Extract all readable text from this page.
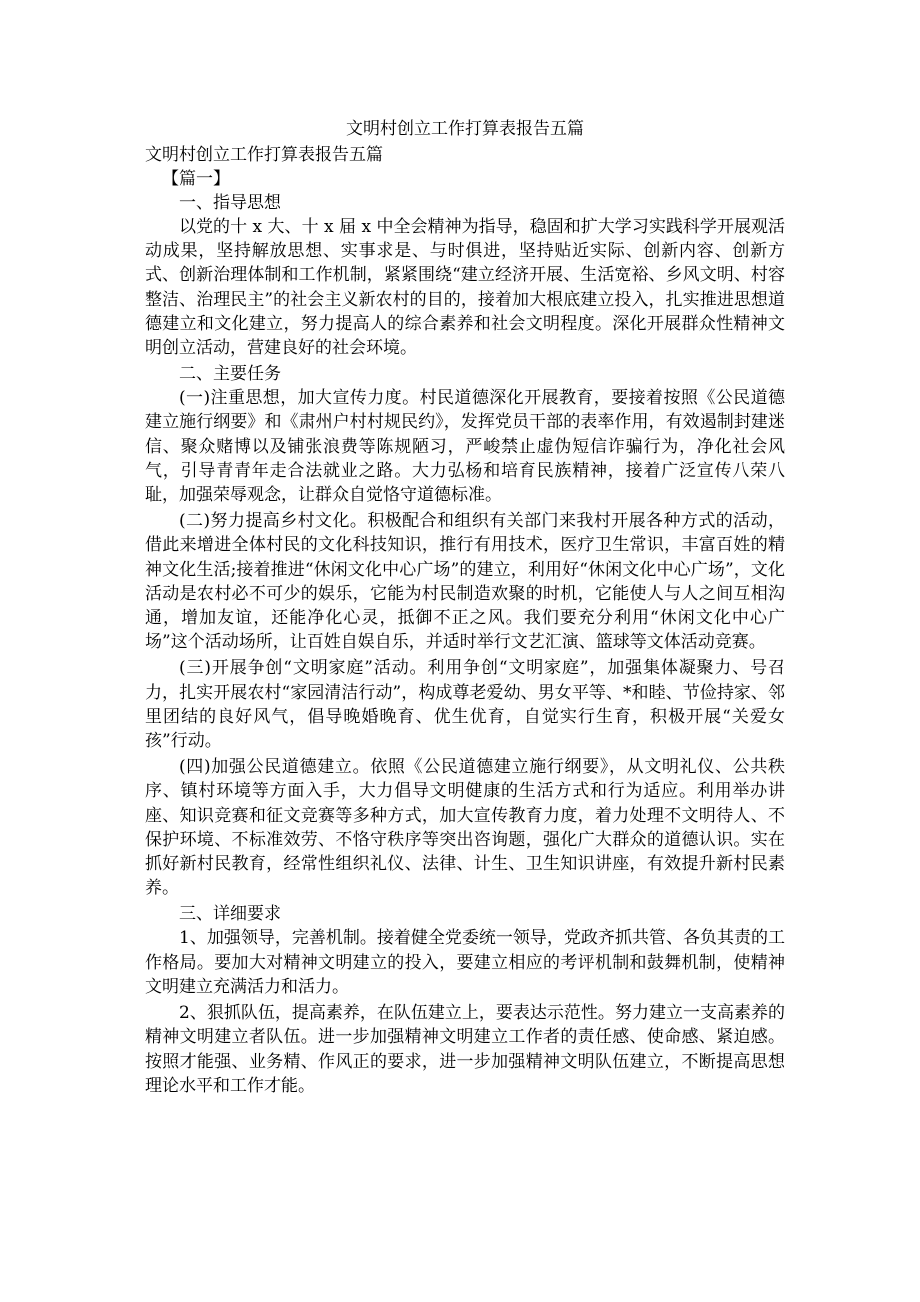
文明村创立工作打算表报告五篇

文明村创立工作打算表报告五篇

【篇一】

一、指导思想

以党的十 x 大、十 x 届 x 中全会精神为指导，稳固和扩大学习实践科学开展观活动成果，坚持解放思想、实事求是、与时俱进，坚持贴近实际、创新内容、创新方式、创新治理体制和工作机制，紧紧围绕“建立经济开展、生活宽裕、乡风文明、村容整洁、治理民主”的社会主义新农村的目的，接着加大根底建立投入，扎实推进思想道德建立和文化建立，努力提高人的综合素养和社会文明程度。深化开展群众性精神文明创立活动，营建良好的社会环境。

二、主要任务

(一)注重思想，加大宣传力度。村民道德深化开展教育，要接着按照《公民道德建立施行纲要》和《肃州户村村规民约》，发挥党员干部的表率作用，有效遏制封建迷信、聚众赌博以及铺张浪费等陈规陋习，严峻禁止虚伪短信诈骗行为，净化社会风气，引导青青年走合法就业之路。大力弘杨和培育民族精神，接着广泛宣传八荣八耻，加强荣辱观念，让群众自觉恪守道德标准。

(二)努力提高乡村文化。积极配合和组织有关部门来我村开展各种方式的活动，借此来增进全体村民的文化科技知识，推行有用技术，医疗卫生常识，丰富百姓的精神文化生活;接着推进“休闲文化中心广场”的建立，利用好“休闲文化中心广场”，文化活动是农村必不可少的娱乐，它能为村民制造欢聚的时机，它能使人与人之间互相沟通，增加友谊，还能净化心灵，抵御不正之风。我们要充分利用“休闲文化中心广场”这个活动场所，让百姓自娱自乐，并适时举行文艺汇演、篮球等文体活动竞赛。

(三)开展争创“文明家庭”活动。利用争创“文明家庭”，加强集体凝聚力、号召力，扎实开展农村“家园清洁行动”，构成尊老爱幼、男女平等、*和睦、节俭持家、邻里团结的良好风气，倡导晚婚晚育、优生优育，自觉实行生育，积极开展“关爱女孩”行动。

(四)加强公民道德建立。依照《公民道德建立施行纲要》，从文明礼仪、公共秩序、镇村环境等方面入手，大力倡导文明健康的生活方式和行为适应。利用举办讲座、知识竞赛和征文竞赛等多种方式，加大宣传教育力度，着力处理不文明待人、不保护环境、不标准效劳、不恪守秩序等突出咨询题，强化广大群众的道德认识。实在抓好新村民教育，经常性组织礼仪、法律、计生、卫生知识讲座，有效提升新村民素养。

三、详细要求

1、加强领导，完善机制。接着健全党委统一领导，党政齐抓共管、各负其责的工作格局。要加大对精神文明建立的投入，要建立相应的考评机制和鼓舞机制，使精神文明建立充满活力和活力。

2、狠抓队伍，提高素养，在队伍建立上，要表达示范性。努力建立一支高素养的精神文明建立者队伍。进一步加强精神文明建立工作者的责任感、使命感、紧迫感。按照才能强、业务精、作风正的要求，进一步加强精神文明队伍建立，不断提高思想理论水平和工作才能。
